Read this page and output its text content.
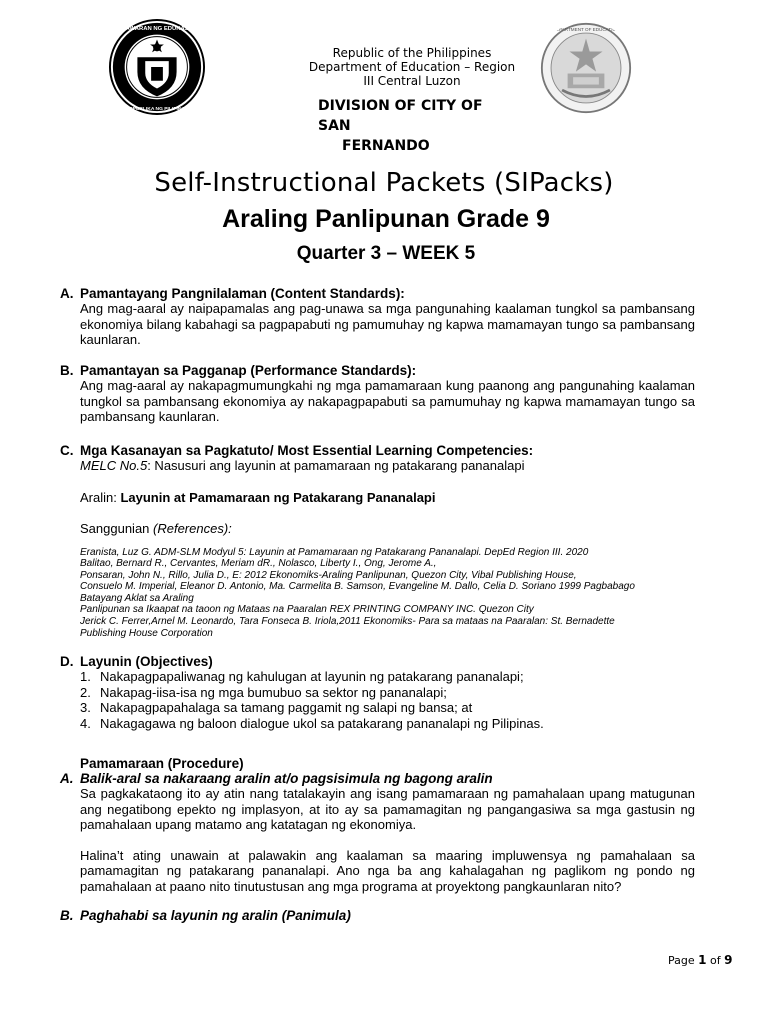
KAGAWARAN NG EDUKASYON
REPUBLIKA NG PILIPINAS
Republic of the Philippines
Department of Education – Region
III Central Luzon
DIVISION OF CITY OF SAN
FERNANDO
DEPARTMENT OF EDUCATION
Self-Instructional Packets (SIPacks)
Araling Panlipunan Grade 9
Quarter 3 – WEEK 5
A. Pamantayang Pangnilalaman (Content Standards):
Ang mag-aaral ay naipapamalas ang pag-unawa sa mga pangunahing kaalaman tungkol sa pambansang ekonomiya bilang kabahagi sa pagpapabuti ng pamumuhay ng kapwa mamamayan tungo sa pambansang kaunlaran.
B. Pamantayan sa Pagganap (Performance Standards):
Ang mag-aaral ay nakapagmumungkahi ng mga pamamaraan kung paanong ang pangunahing kaalaman tungkol sa pambansang ekonomiya ay nakapagpapabuti sa pamumuhay ng kapwa mamamayan tungo sa pambansang kaunlaran.
C. Mga Kasanayan sa Pagkatuto/ Most Essential Learning Competencies:
MELC No.5: Nasusuri ang layunin at pamamaraan ng patakarang pananalapi
Aralin: Layunin at Pamamaraan ng Patakarang Pananalapi
Sanggunian (References):
Eranista, Luz G. ADM-SLM Modyul 5: Layunin at Pamamaraan ng Patakarang Pananalapi. DepEd Region III. 2020
Balitao, Bernard R., Cervantes, Meriam dR., Nolasco, Liberty I., Ong, Jerome A.,
Ponsaran, John N., Rillo, Julia D., E: 2012 Ekonomiks-Araling Panlipunan, Quezon City, Vibal Publishing House,
Consuelo M. Imperial, Eleanor D. Antonio, Ma. Carmelita B. Samson, Evangeline M. Dallo, Celia D. Soriano 1999 Pagbabago
Batayang Aklat sa Araling
Panlipunan sa Ikaapat na taoon ng Mataas na Paaralan REX PRINTING COMPANY INC. Quezon City
Jerick C. Ferrer,Arnel M. Leonardo, Tara Fonseca B. Iriola,2011 Ekonomiks- Para sa mataas na Paaralan: St. Bernadette
Publishing House Corporation
D. Layunin (Objectives)
1. Nakapagpapaliwanag ng kahulugan at layunin ng patakarang pananalapi;
2. Nakapag-iisa-isa ng mga bumubuo sa sektor ng pananalapi;
3. Nakapagpapahalaga sa tamang paggamit ng salapi ng bansa; at
4. Nakagagawa ng baloon dialogue ukol sa patakarang pananalapi ng Pilipinas.
Pamamaraan (Procedure)
A. Balik-aral sa nakaraang aralin at/o pagsisimula ng bagong aralin
Sa pagkakataong ito ay atin nang tatalakayin ang isang pamamaraan ng pamahalaan upang matugunan ang negatibong epekto ng implasyon, at ito ay sa pamamagitan ng pangangasiwa sa mga gastusin ng pamahalaan upang matamo ang katatagan ng ekonomiya.
Halina’t ating unawain at palawakin ang kaalaman sa maaring impluwensya ng pamahalaan sa pamamagitan ng patakarang pananalapi. Ano nga ba ang kahalagahan ng paglikom ng pondo ng pamahalaan at paano nito tinutustusan ang mga programa at proyektong pangkaunlaran nito?
B. Paghahabi sa layunin ng aralin (Panimula)
Page 1 of 9
